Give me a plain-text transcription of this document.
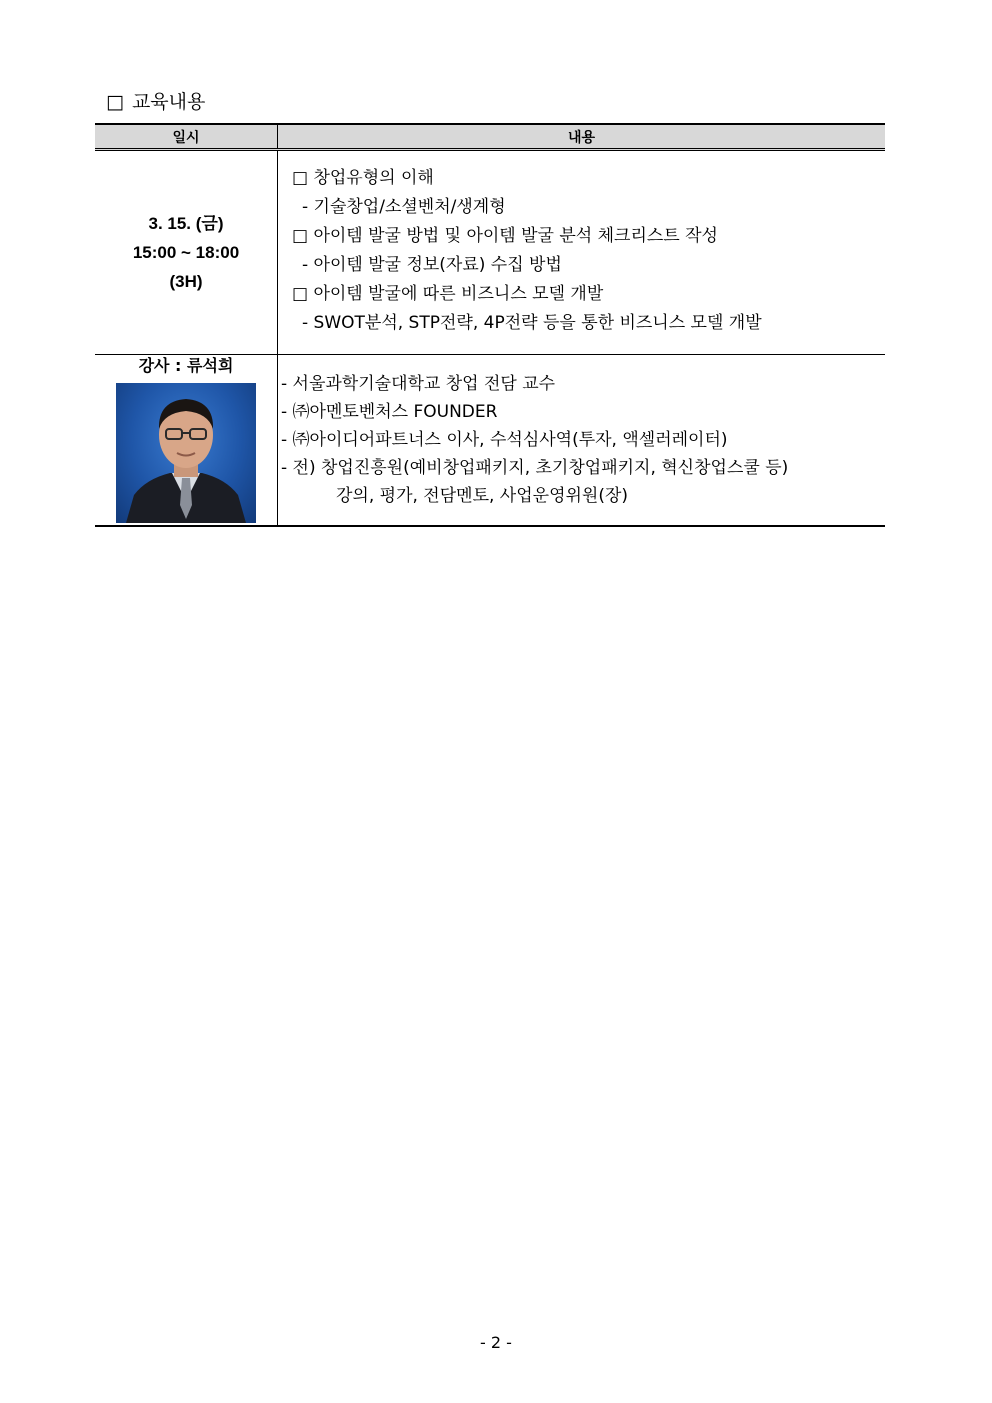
□ 교육내용
일시	내용
3. 15. (금)
15:00 ~ 18:00
(3H)
□ 창업유형의 이해
- 기술창업/소셜벤처/생계형
□ 아이템 발굴 방법 및 아이템 발굴 분석 체크리스트 작성
- 아이템 발굴 정보(자료) 수집 방법
□ 아이템 발굴에 따른 비즈니스 모델 개발
- SWOT분석, STP전략, 4P전략 등을 통한 비즈니스 모델 개발
강사 : 류석희
- 서울과학기술대학교 창업 전담 교수
- ㈜아멘토벤처스 FOUNDER
- ㈜아이디어파트너스 이사, 수석심사역(투자, 액셀러레이터)
- 전) 창업진흥원(예비창업패키지, 초기창업패키지, 혁신창업스쿨 등)
강의, 평가, 전담멘토, 사업운영위원(장)
- 2 -
